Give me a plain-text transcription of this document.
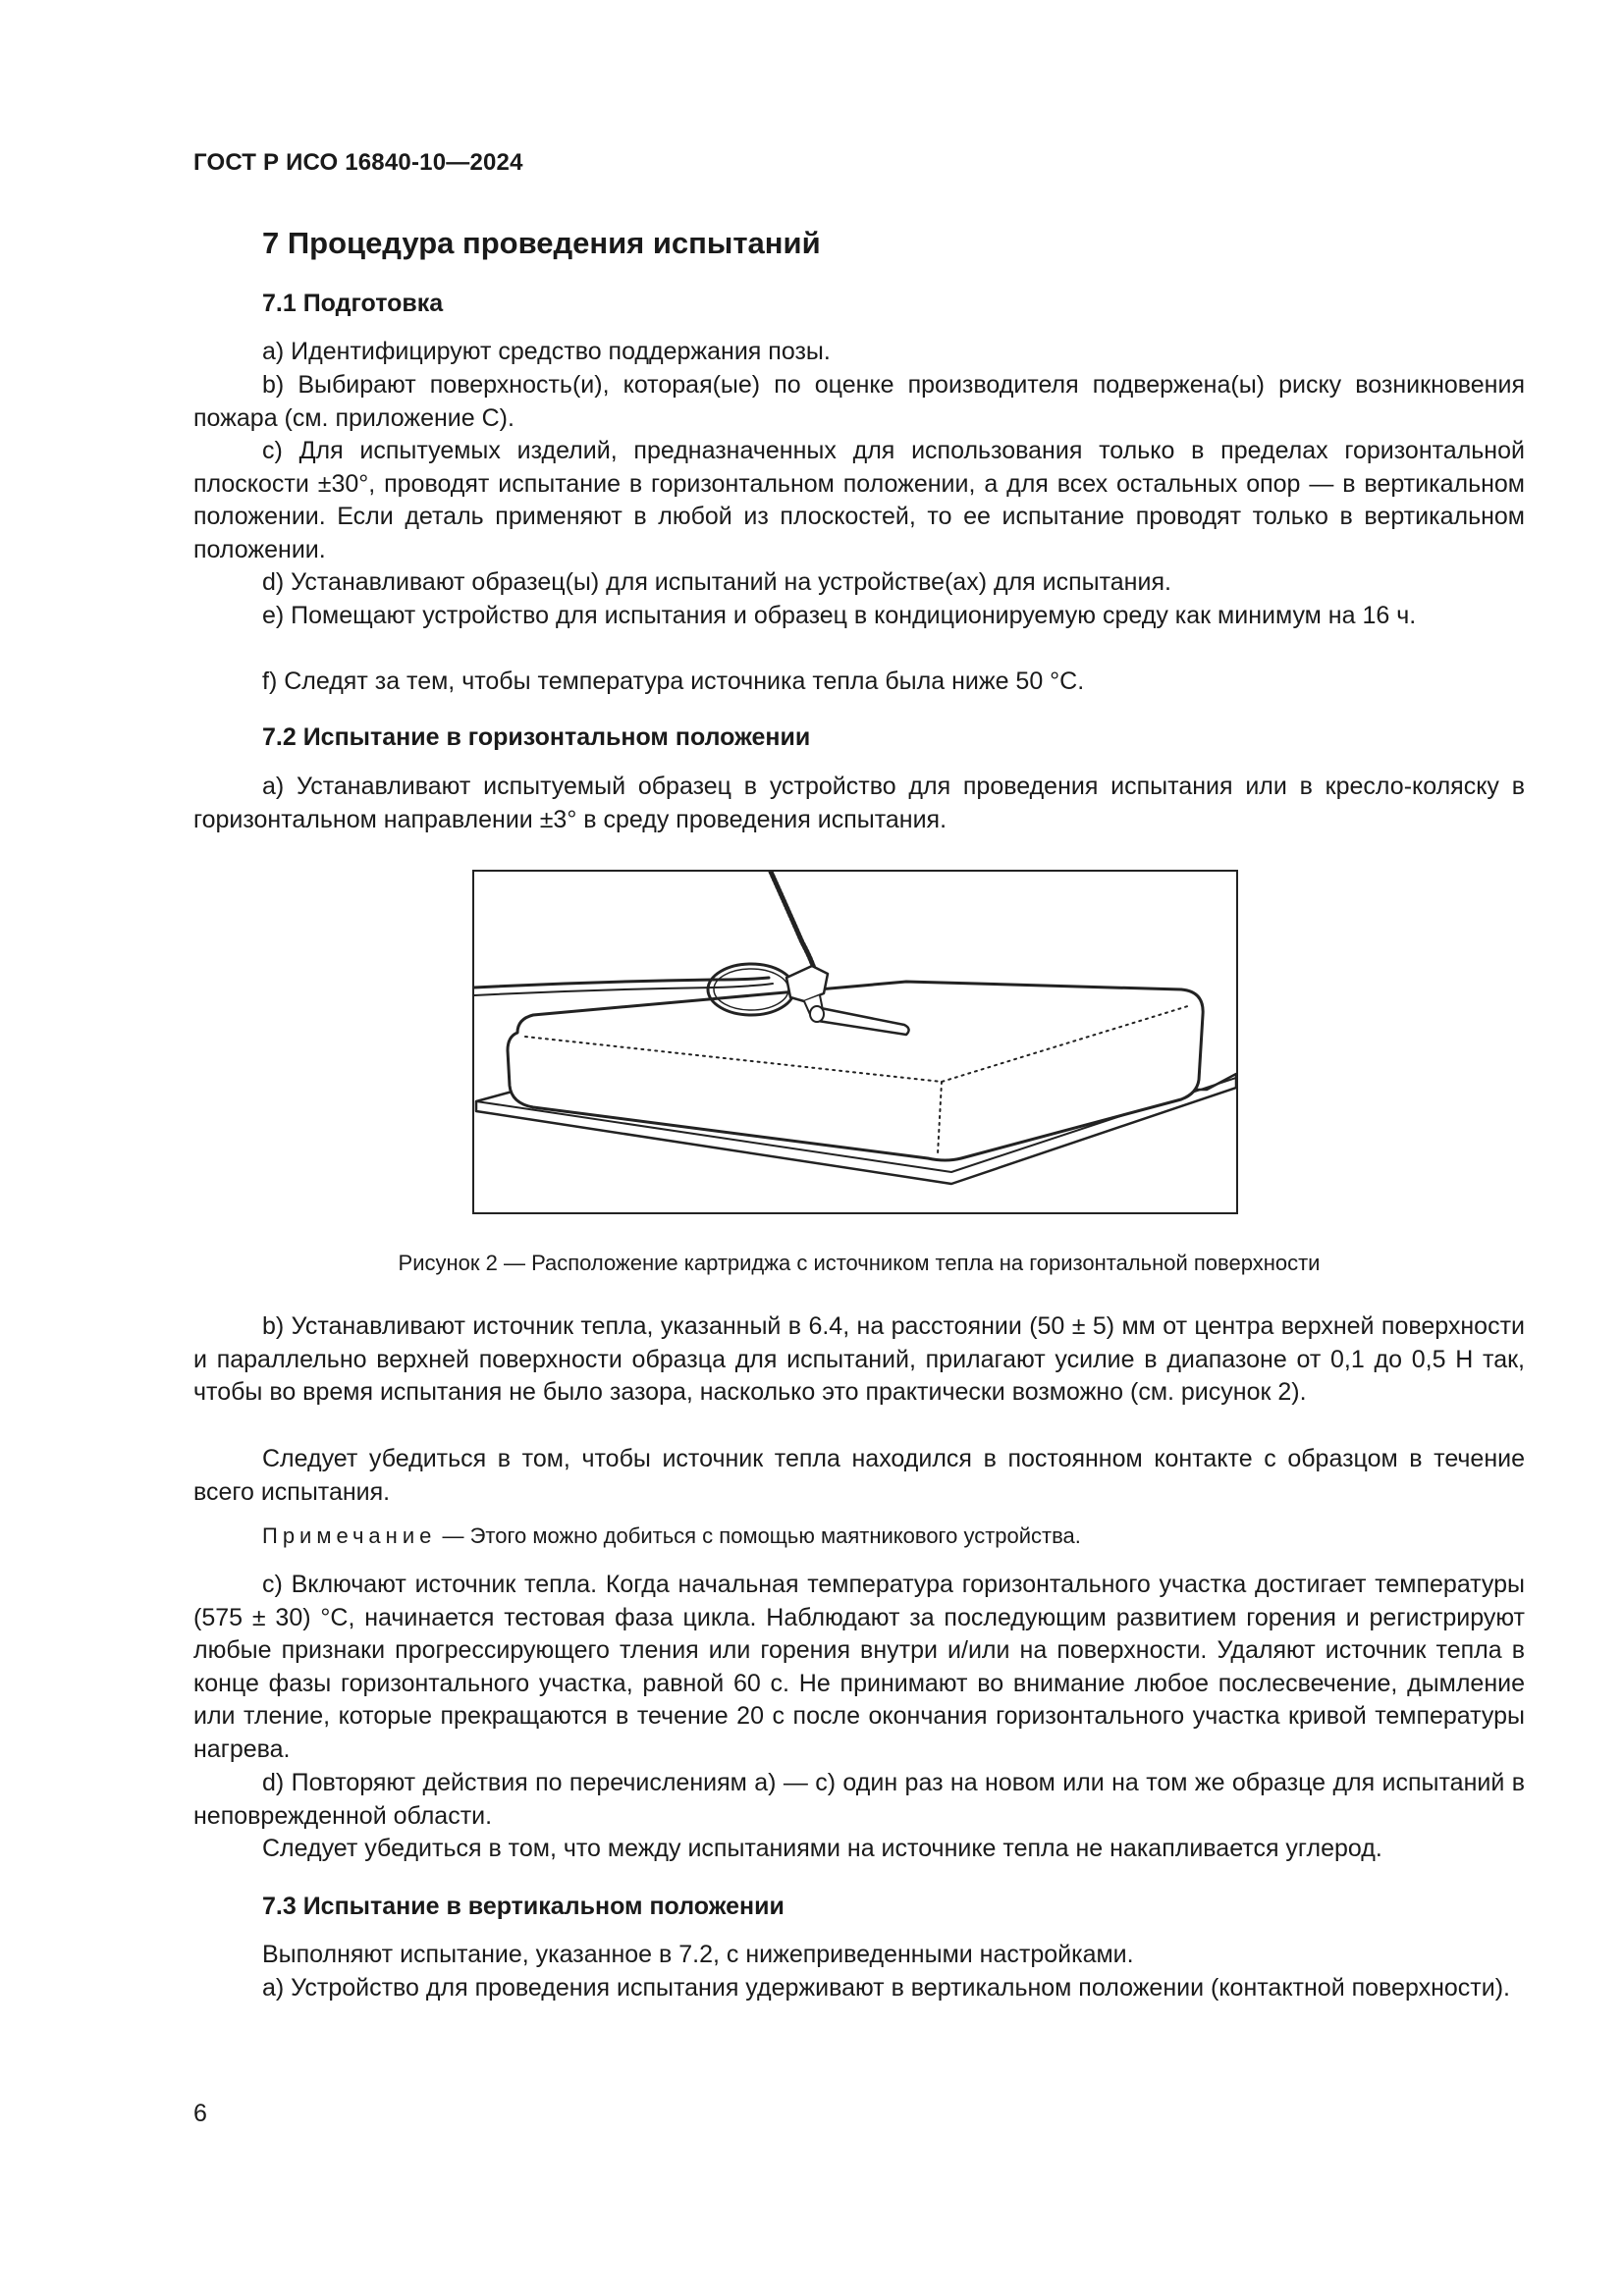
ГОСТ Р ИСО 16840-10—2024
7 Процедура проведения испытаний
7.1 Подготовка
a) Идентифицируют средство поддержания позы.
b) Выбирают поверхность(и), которая(ые) по оценке производителя подвержена(ы) риску возникновения пожара (см. приложение C).
c) Для испытуемых изделий, предназначенных для использования только в пределах горизонтальной плоскости ±30°, проводят испытание в горизонтальном положении, а для всех остальных опор — в вертикальном положении. Если деталь применяют в любой из плоскостей, то ее испытание проводят только в вертикальном положении.
d) Устанавливают образец(ы) для испытаний на устройстве(ах) для испытания.
e) Помещают устройство для испытания и образец в кондиционируемую среду как минимум на 16 ч.
f) Следят за тем, чтобы температура источника тепла была ниже 50 °C.
7.2 Испытание в горизонтальном положении
a) Устанавливают испытуемый образец в устройство для проведения испытания или в кресло-коляску в горизонтальном направлении ±3° в среду проведения испытания.
Рисунок 2 — Расположение картриджа с источником тепла на горизонтальной поверхности
b) Устанавливают источник тепла, указанный в 6.4, на расстоянии (50 ± 5) мм от центра верхней поверхности и параллельно верхней поверхности образца для испытаний, прилагают усилие в диапазоне от 0,1 до 0,5 Н так, чтобы во время испытания не было зазора, насколько это практически возможно (см. рисунок 2).
Следует убедиться в том, чтобы источник тепла находился в постоянном контакте с образцом в течение всего испытания.
Примечание — Этого можно добиться с помощью маятникового устройства.
c) Включают источник тепла. Когда начальная температура горизонтального участка достигает температуры (575 ± 30) °C, начинается тестовая фаза цикла. Наблюдают за последующим развитием горения и регистрируют любые признаки прогрессирующего тления или горения внутри и/или на поверхности. Удаляют источник тепла в конце фазы горизонтального участка, равной 60 с. Не принимают во внимание любое послесвечение, дымление или тление, которые прекращаются в течение 20 с после окончания горизонтального участка кривой температуры нагрева.
d) Повторяют действия по перечислениям a) — c) один раз на новом или на том же образце для испытаний в неповрежденной области.
Следует убедиться в том, что между испытаниями на источнике тепла не накапливается углерод.
7.3 Испытание в вертикальном положении
Выполняют испытание, указанное в 7.2, с нижеприведенными настройками.
a) Устройство для проведения испытания удерживают в вертикальном положении (контактной поверхности).
6
